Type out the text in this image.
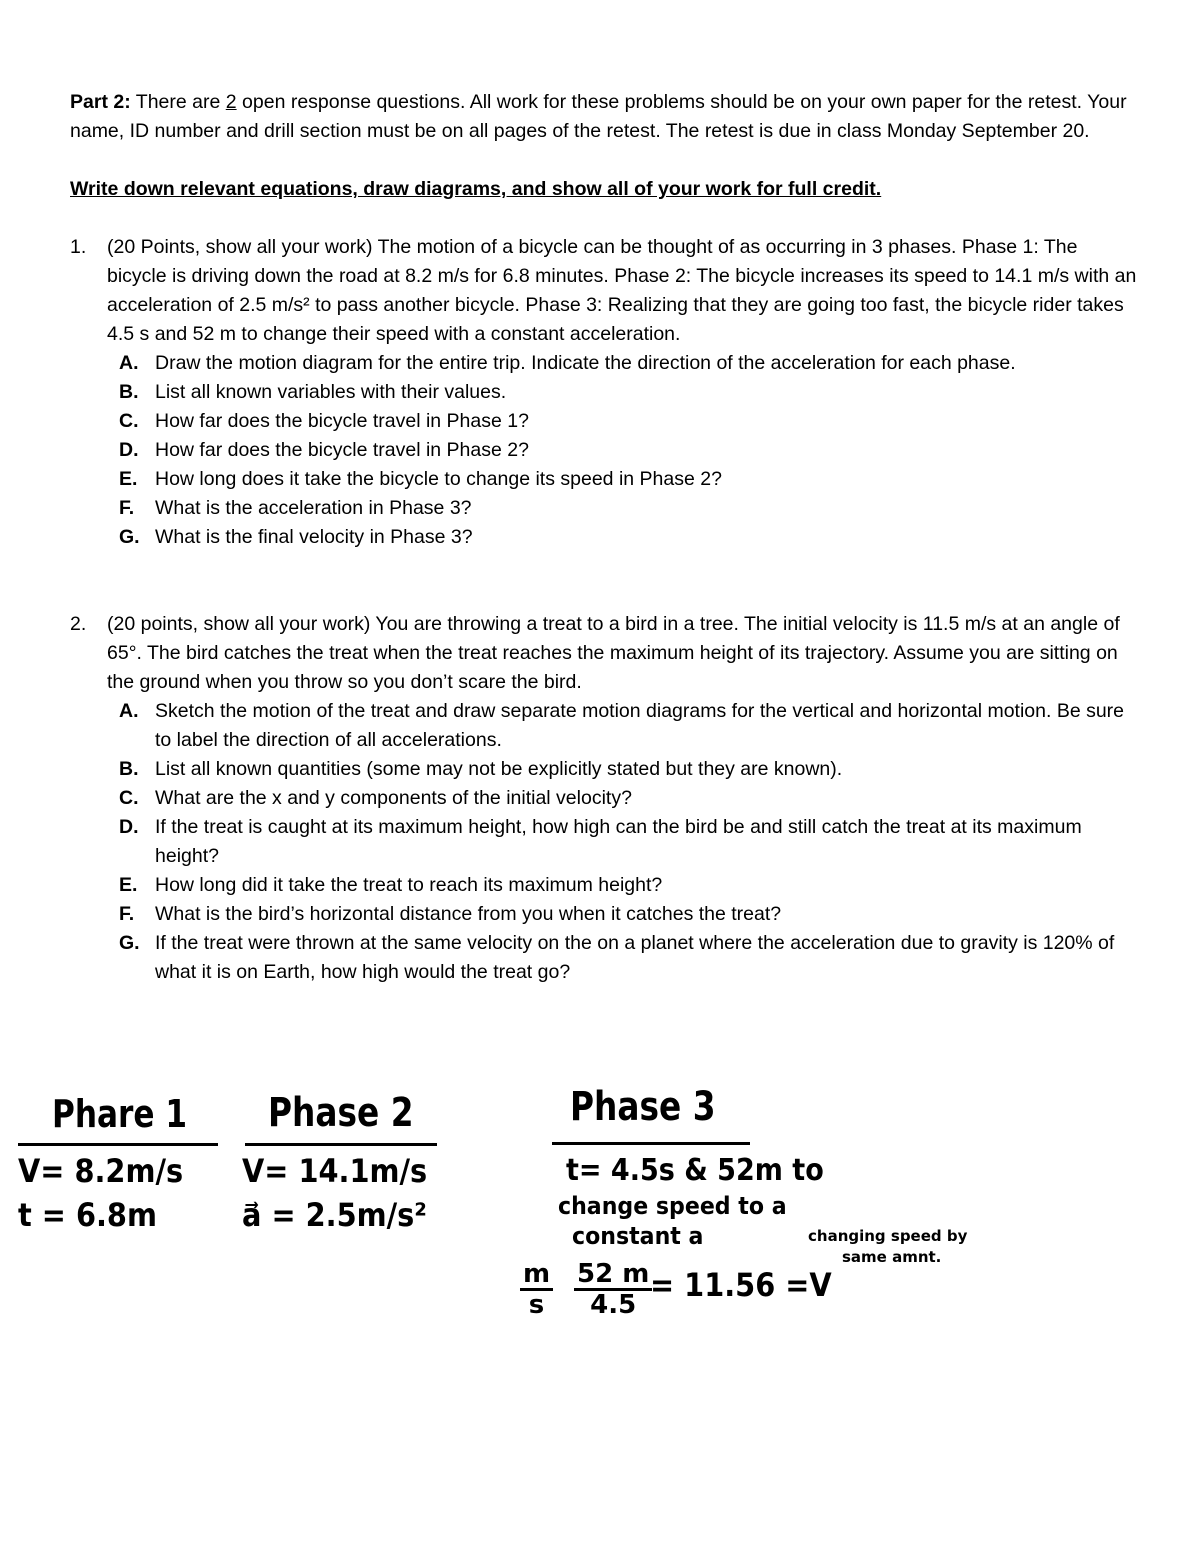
Part 2: There are 2 open response questions. All work for these problems should be on your own paper for the retest. Your name, ID number and drill section must be on all pages of the retest. The retest is due in class Monday September 20.

Write down relevant equations, draw diagrams, and show all of your work for full credit.

1. (20 Points, show all your work) The motion of a bicycle can be thought of as occurring in 3 phases. Phase 1: The bicycle is driving down the road at 8.2 m/s for 6.8 minutes. Phase 2: The bicycle increases its speed to 14.1 m/s with an acceleration of 2.5 m/s² to pass another bicycle. Phase 3: Realizing that they are going too fast, the bicycle rider takes 4.5 s and 52 m to change their speed with a constant acceleration.

A. Draw the motion diagram for the entire trip. Indicate the direction of the acceleration for each phase.
B. List all known variables with their values.
C. How far does the bicycle travel in Phase 1?
D. How far does the bicycle travel in Phase 2?
E. How long does it take the bicycle to change its speed in Phase 2?
F. What is the acceleration in Phase 3?
G. What is the final velocity in Phase 3?
2. (20 points, show all your work) You are throwing a treat to a bird in a tree. The initial velocity is 11.5 m/s at an angle of 65°. The bird catches the treat when the treat reaches the maximum height of its trajectory. Assume you are sitting on the ground when you throw so you don’t scare the bird.

A. Sketch the motion of the treat and draw separate motion diagrams for the vertical and horizontal motion. Be sure to label the direction of all accelerations.
B. List all known quantities (some may not be explicitly stated but they are known).
C. What are the x and y components of the initial velocity?
D. If the treat is caught at its maximum height, how high can the bird be and still catch the treat at its maximum height?
E. How long did it take the treat to reach its maximum height?
F. What is the bird’s horizontal distance from you when it catches the treat?
G. If the treat were thrown at the same velocity on the on a planet where the acceleration due to gravity is 120% of what it is on Earth, how high would the treat go?
Phare 1
V= 8.2m/s
t = 6.8m
Phase 2
V= 14.1m/s
a⃗ = 2.5m/s²
Phase 3
t= 4.5s & 52m to
change speed to a
constant a	changing speed by
same amnt.
$\frac{m}{s} \frac{52 m}{4.5}$
= 11.56 =V
